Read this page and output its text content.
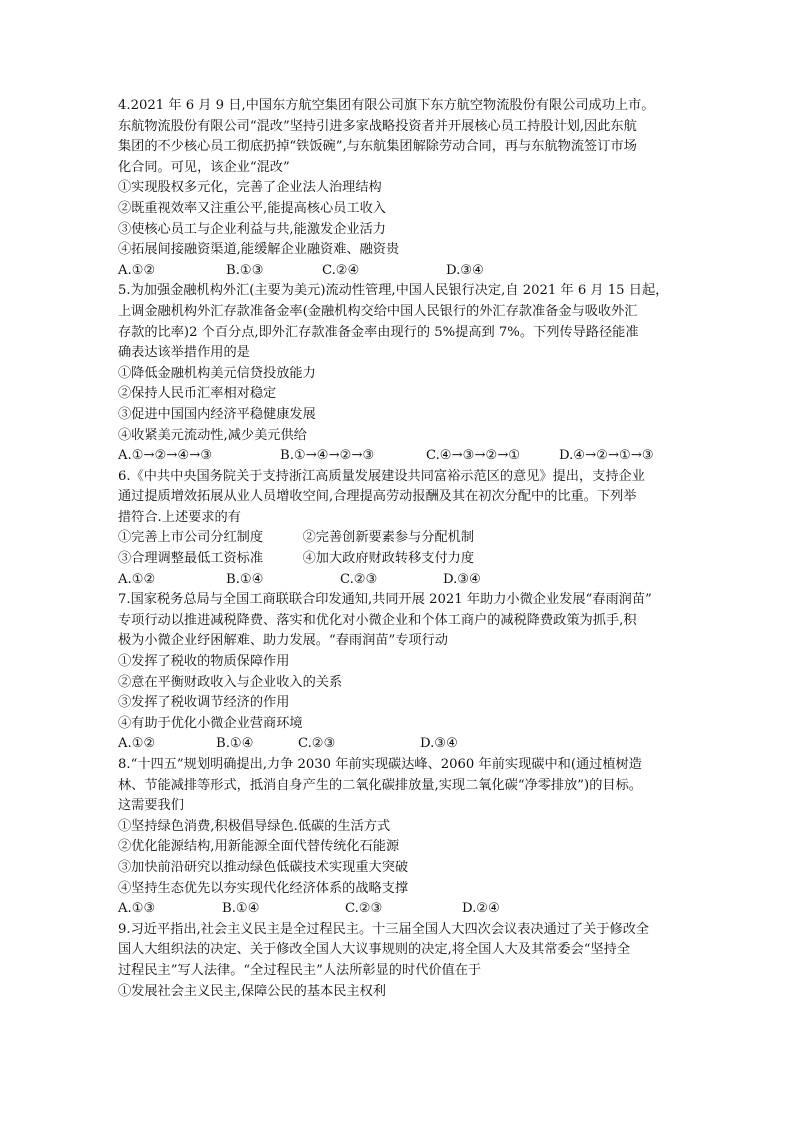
4.2021 年 6 月 9 日,中国东方航空集团有限公司旗下东方航空物流股份有限公司成功上市。
东航物流股份有限公司“混改”坚持引进多家战略投资者并开展核心员工持股计划,因此东航
集团的不少核心员工彻底扔掉“铁饭碗”,与东航集团解除劳动合同，再与东航物流签订市场
化合同。可见，该企业“混改”
①实现股权多元化，完善了企业法人治理结构
②既重视效率又注重公平,能提高核心员工收入
③使核心员工与企业利益与共,能激发企业活力
④拓展间接融资渠道,能缓解企业融资难、融资贵
A.①②	B.①③	C.②④	D.③④
5.为加强金融机构外汇(主要为美元)流动性管理,中国人民银行决定,自 2021 年 6 月 15 日起，
上调金融机构外汇存款准备金率(金融机构交给中国人民银行的外汇存款准备金与吸收外汇
存款的比率)2 个百分点,即外汇存款准备金率由现行的 5%提高到 7%。下列传导路径能准
确表达该举措作用的是
①降低金融机构美元信贷投放能力
②保持人民币汇率相对稳定
③促进中国国内经济平稳健康发展
④收紧美元流动性,减少美元供给
A.①→②→④→③	B.①→④→②→③	C.④→③→②→①	D.④→②→①→③
6.《中共中央国务院关于支持浙江高质量发展建设共同富裕示范区的意见》提出，支持企业
通过提质增效拓展从业人员增收空间,合理提高劳动报酬及其在初次分配中的比重。下列举
措符合.上述要求的有
①完善上市公司分红制度　　　②完善创新要素参与分配机制
③合理调整最低工资标准　　　④加大政府财政转移支付力度
A.①②	B.①④	C.②③	D.③④
7.国家税务总局与全国工商联联合印发通知,共同开展 2021 年助力小微企业发展“春雨润苗”
专项行动以推进减税降费、落实和优化对小微企业和个体工商户的减税降费政策为抓手,积
极为小微企业纾困解难、助力发展。“春雨润苗”专项行动
①发挥了税收的物质保障作用
②意在平衡财政收入与企业收入的关系
③发挥了税收调节经济的作用
④有助于优化小微企业营商环境
A.①②	B.①④	C.②③	D.③④
8.“十四五”规划明确提出,力争 2030 年前实现碳达峰、2060 年前实现碳中和(通过植树造
林、节能减排等形式，抵消自身产生的二氧化碳排放量,实现二氧化碳“净零排放”)的目标。
这需要我们
①坚持绿色消费,积极倡导绿色.低碳的生活方式
②优化能源结构,用新能源全面代替传统化石能源
③加快前沿研究以推动绿色低碳技术实现重大突破
④坚持生态优先以夯实现代化经济体系的战略支撑
A.①③	B.①④	C.②③	D.②④
9.习近平指出,社会主义民主是全过程民主。十三届全国人大四次会议表决通过了关于修改全
国人大组织法的决定、关于修改全国人大议事规则的决定,将全国人大及其常委会“坚持全
过程民主”写人法律。“全过程民主”人法所彰显的时代价值在于
①发展社会主义民主,保障公民的基本民主权利
